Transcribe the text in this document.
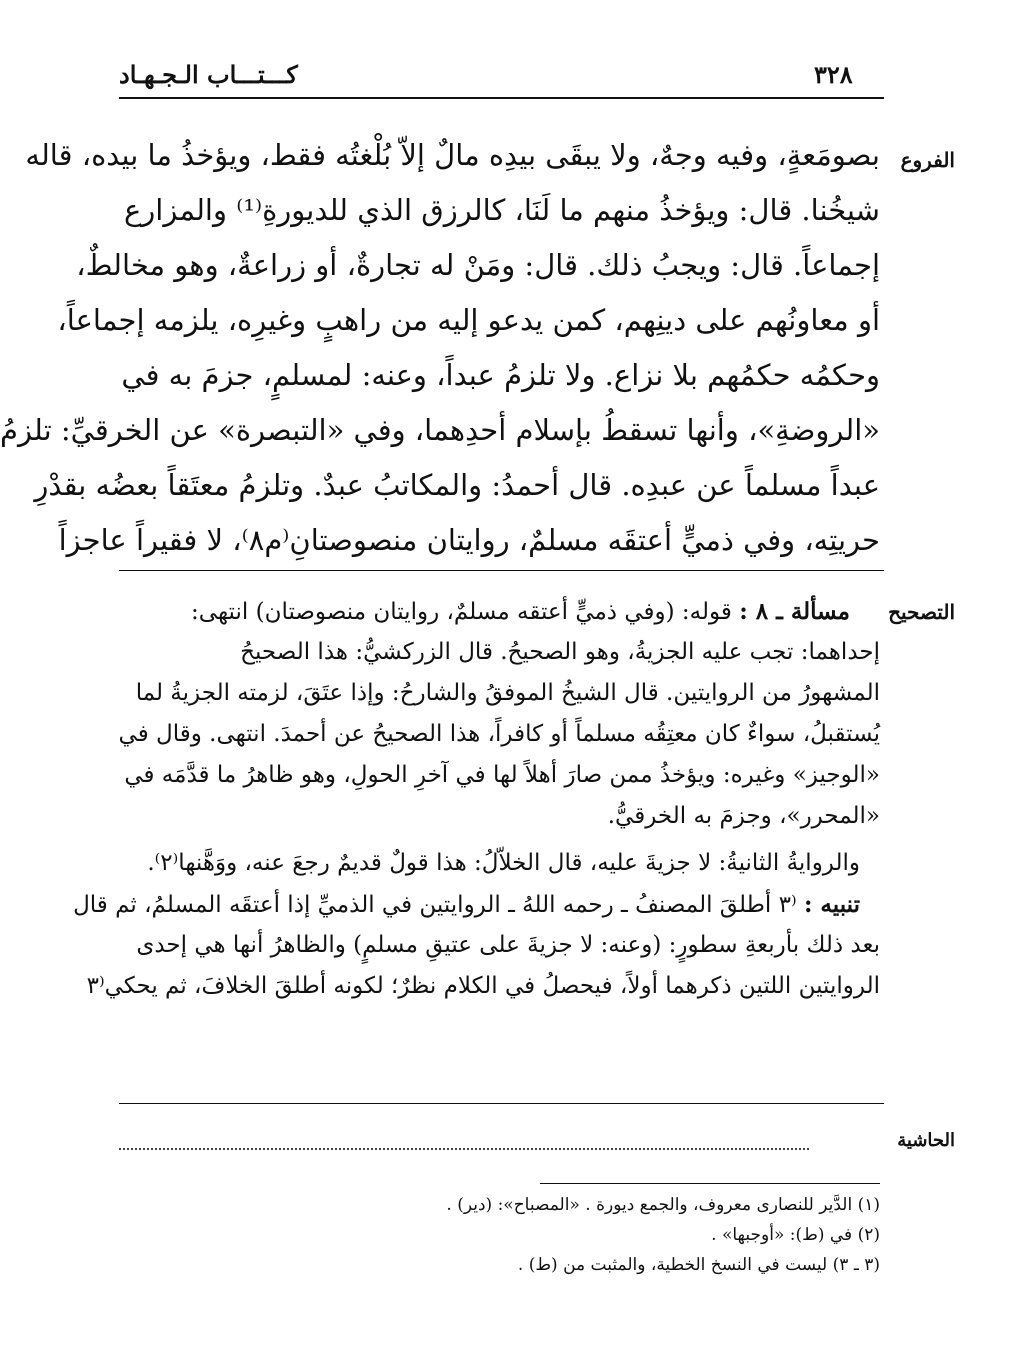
كـــتـــاب الـجـهـاد	٣٢٨
الفروع
بصومَعةٍ، وفيه وجهٌ، ولا يبقَى بيدِه مالٌ إلاّ بُلْغتُه فقط، ويؤخذُ ما بيده، قاله
شيخُنا. قال: ويؤخذُ منهم ما لَنَا، كالرزق الذي للديورةِ⁽¹⁾ والمزارع
إجماعاً. قال: ويجبُ ذلك. قال: ومَنْ له تجارةٌ، أو زراعةٌ، وهو مخالطٌ،
أو معاونُهم على دينِهم، كمن يدعو إليه من راهبٍ وغيرِه، يلزمه إجماعاً،
وحكمُه حكمُهم بلا نزاع. ولا تلزمُ عبداً، وعنه: لمسلمٍ، جزمَ به في
«الروضةِ»، وأنها تسقطُ بإسلام أحدِهما، وفي «التبصرة» عن الخرقيِّ: تلزمُ
عبداً مسلماً عن عبدِه. قال أحمدُ: والمكاتبُ عبدٌ. وتلزمُ معتَقاً بعضُه بقدْرِ
حريتِه، وفي ذميٍّ أعتقَه مسلمٌ، روايتان منصوصتانِ⁽م٨⁾، لا فقيراً عاجزاً
التصحيح
مسألة ـ ٨ : قوله: (وفي ذميٍّ أعتقه مسلمٌ، روايتان منصوصتان) انتهى:
إحداهما: تجب عليه الجزيةُ، وهو الصحيحُ. قال الزركشيُّ: هذا الصحيحُ
المشهورُ من الروايتين. قال الشيخُ الموفقُ والشارحُ: وإذا عتَقَ، لزمته الجزيةُ لما
يُستقبلُ، سواءٌ كان معتِقُه مسلماً أو كافراً، هذا الصحيحُ عن أحمدَ. انتهى. وقال في
«الوجيز» وغيره: ويؤخذُ ممن صارَ أهلاً لها في آخرِ الحولِ، وهو ظاهرُ ما قدَّمَه في
«المحرر»، وجزمَ به الخرقيُّ.
والروايةُ الثانيةُ: لا جزيةَ عليه، قال الخلاّلُ: هذا قولٌ قديمٌ رجعَ عنه، ووَهَّنها⁽٢⁾.
تنبيه : ⁽٣ أطلقَ المصنفُ ـ رحمه اللهُ ـ الروايتين في الذميِّ إذا أعتقَه المسلمُ، ثم قال
بعد ذلك بأربعةِ سطورٍ: (وعنه: لا جزيةَ على عتيقِ مسلمٍ) والظاهرُ أنها هي إحدى
الروايتين اللتين ذكرهما أولاً، فيحصلُ في الكلام نظرٌ؛ لكونه أطلقَ الخلافَ، ثم يحكي⁽٣
الحاشية
(١) الدَّير للنصارى معروف، والجمع ديورة . «المصباح»: (دير) .
(٢) في (ط): «أوجبها» .
(٣ ـ ٣) ليست في النسخ الخطية، والمثبت من (ط) .
